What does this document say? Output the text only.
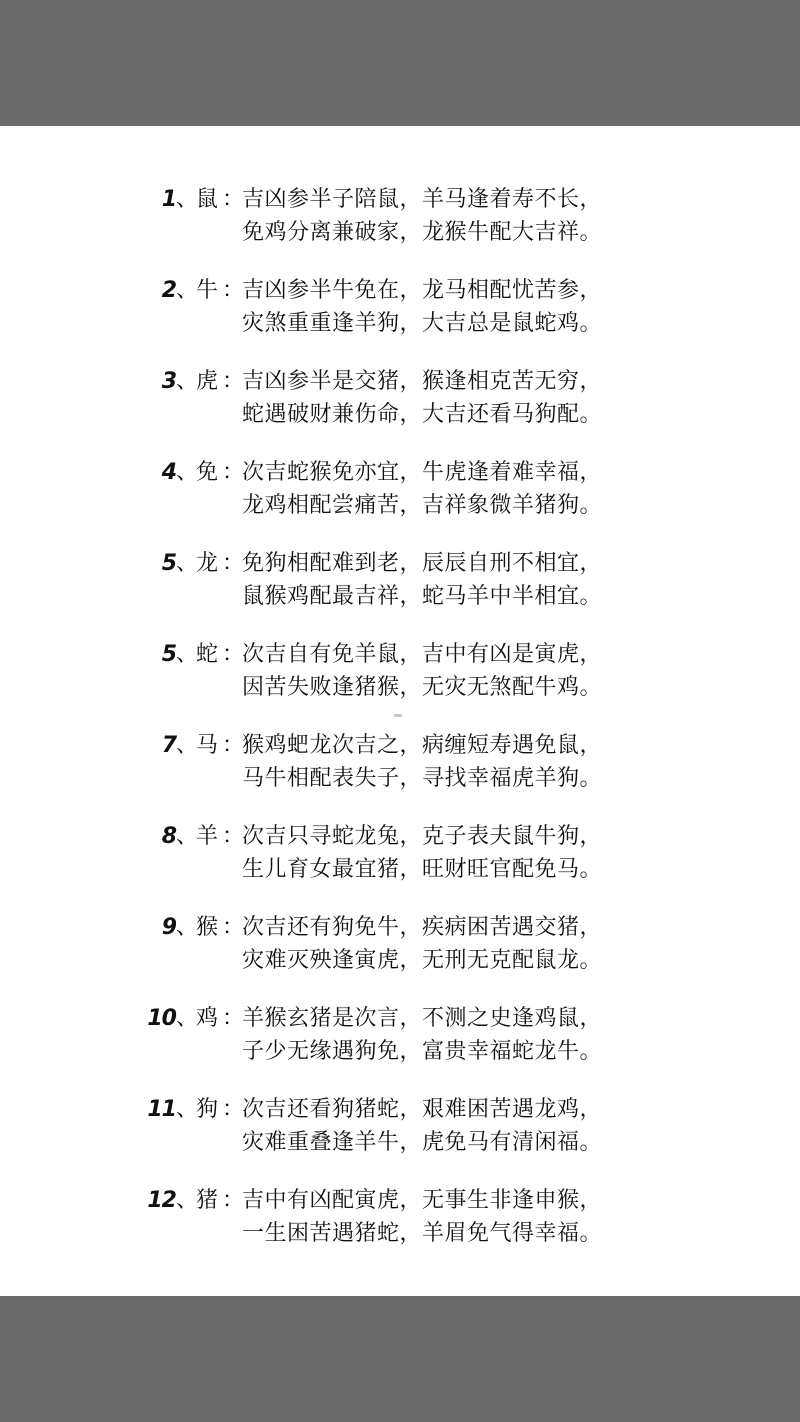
1 、
鼠 ：
吉凶参半子陪鼠，羊马逢着寿不长，
免鸡分离兼破家，龙猴牛配大吉祥。
2 、
牛 ：
吉凶参半牛免在，龙马相配忧苦参，
灾煞重重逢羊狗，大吉总是鼠蛇鸡。
3 、
虎 ：
吉凶参半是交猪，猴逢相克苦无穷，
蛇遇破财兼伤命，大吉还看马狗配。
4 、
免 ：
次吉蛇猴免亦宜，牛虎逢着难幸福，
龙鸡相配尝痛苦，吉祥象微羊猪狗。
5 、
龙 ：
免狗相配难到老，辰辰自刑不相宜，
鼠猴鸡配最吉祥，蛇马羊中半相宜。
5 、
蛇 ：
次吉自有免羊鼠，吉中有凶是寅虎，
因苦失败逢猪猴，无灾无煞配牛鸡。
7 、
马 ：
猴鸡蚆龙次吉之，病缠短寿遇免鼠，
马牛相配表失子，寻找幸福虎羊狗。
8 、
羊 ：
次吉只寻蛇龙兔，克子表夫鼠牛狗，
生儿育女最宜猪，旺财旺官配免马。
9 、
猴 ：
次吉还有狗免牛，疾病困苦遇交猪，
灾难灭殃逢寅虎，无刑无克配鼠龙。
10 、
鸡 ：
羊猴玄猪是次言，不测之史逢鸡鼠，
子少无缘遇狗免，富贵幸福蛇龙牛。
11 、
狗 ：
次吉还看狗猪蛇，艰难困苦遇龙鸡，
灾难重叠逢羊牛，虎免马有清闲福。
12 、
猪 ：
吉中有凶配寅虎，无事生非逢申猴，
一生困苦遇猪蛇，羊眉免气得幸福。
